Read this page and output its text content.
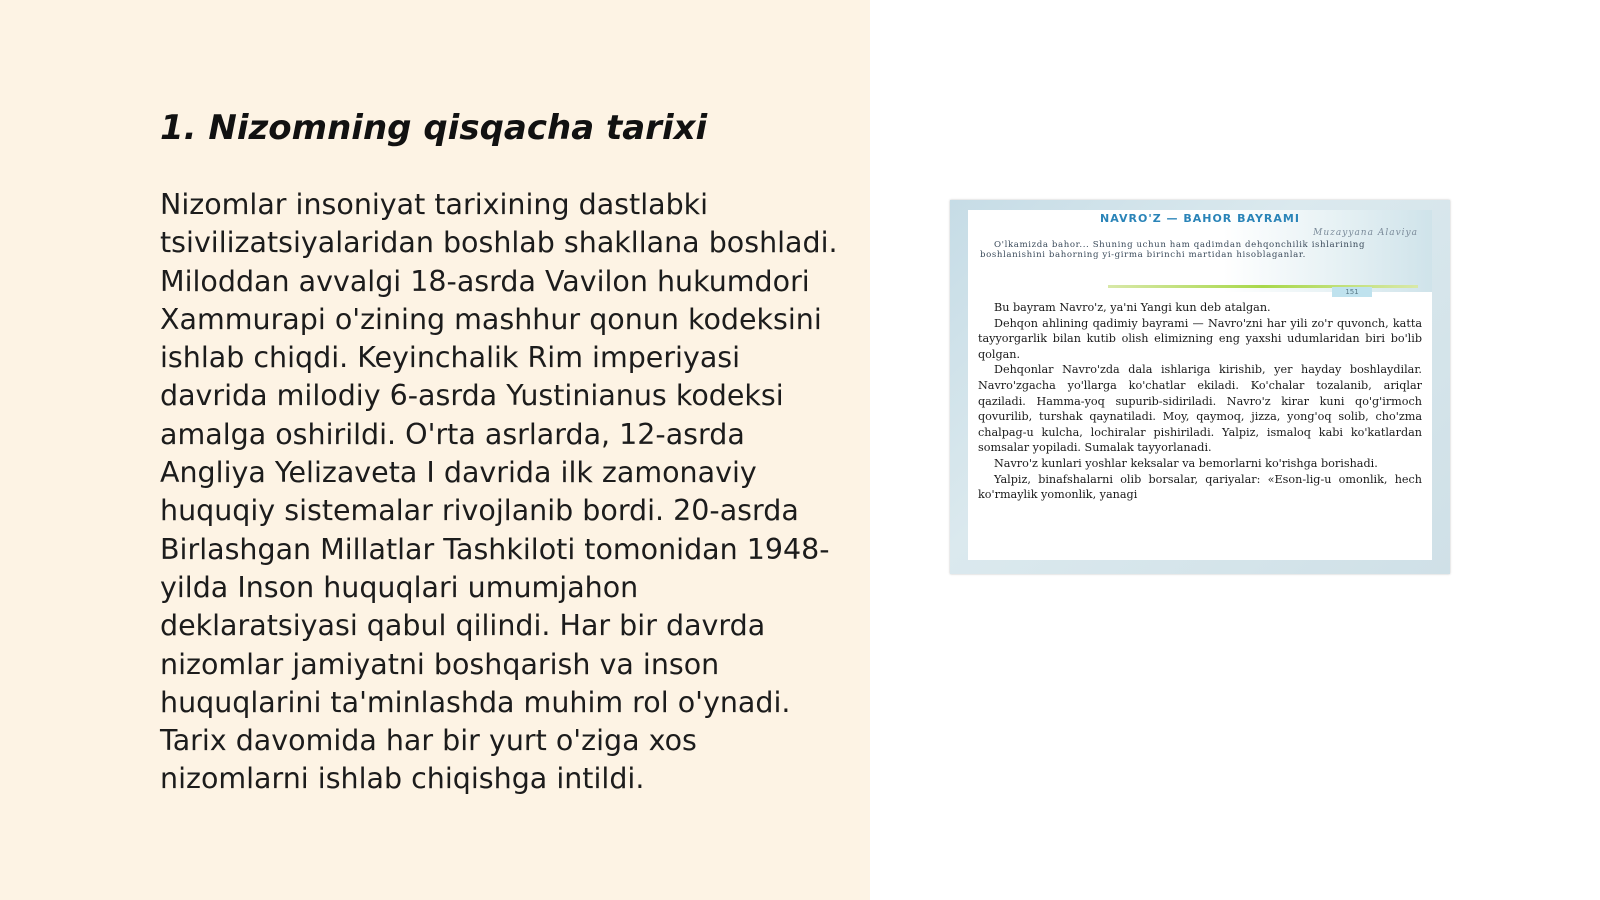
1. Nizomning qisqacha tarixi

Nizomlar insoniyat tarixining dastlabki tsivilizatsiyalaridan boshlab shakllana boshladi. Miloddan avvalgi 18-asrda Vavilon hukumdori Xammurapi o'zining mashhur qonun kodeksini ishlab chiqdi. Keyinchalik Rim imperiyasi davrida milodiy 6-asrda Yustinianus kodeksi amalga oshirildi. O'rta asrlarda, 12-asrda Angliya Yelizaveta I davrida ilk zamonaviy huquqiy sistemalar rivojlanib bordi. 20-asrda Birlashgan Millatlar Tashkiloti tomonidan 1948-yilda Inson huquqlari umumjahon deklaratsiyasi qabul qilindi. Har bir davrda nizomlar jamiyatni boshqarish va inson huquqlarini ta'minlashda muhim rol o'ynadi. Tarix davomida har bir yurt o'ziga xos nizomlarni ishlab chiqishga intildi.

NAVRO'Z — BAHOR BAYRAMI
Muzayyana Alaviya

O'lkamizda bahor... Shuning uchun ham qadimdan dehqonchilik ishlarining boshlanishini bahorning yi-girma birinchi martidan hisoblaganlar.

151

Bu bayram Navro'z, ya'ni Yangi kun deb atalgan.

Dehqon ahlining qadimiy bayrami — Navro'zni har yili zo'r quvonch, katta tayyorgarlik bilan kutib olish elimizning eng yaxshi udumlaridan biri bo'lib qolgan.

Dehqonlar Navro'zda dala ishlariga kirishib, yer hayday boshlaydilar. Navro'zgacha yo'llarga ko'chatlar ekiladi. Ko'chalar tozalanib, ariqlar qaziladi. Hamma-yoq supurib-sidiriladi. Navro'z kirar kuni qo'g'irmoch qovurilib, turshak qaynatiladi. Moy, qaymoq, jizza, yong'oq solib, cho'zma chalpag-u kulcha, lochiralar pishiriladi. Yalpiz, ismaloq kabi ko'katlardan somsalar yopiladi. Sumalak tayyorlanadi.

Navro'z kunlari yoshlar keksalar va bemorlarni ko'rishga borishadi.

Yalpiz, binafshalarni olib borsalar, qariyalar: «Eson-lig-u omonlik, hech ko'rmaylik yomonlik, yanagi
